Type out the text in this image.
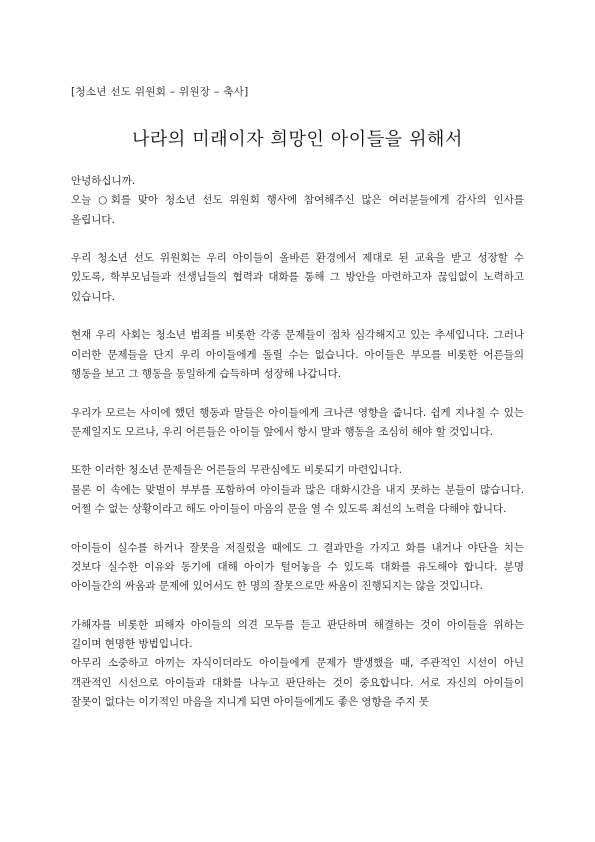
[청소년 선도 위원회 – 위원장 – 축사]
나라의 미래이자 희망인 아이들을 위해서

안녕하십니까.

오늘 ○회를 맞아 청소년 선도 위원회 행사에 참여해주신 많은 여러분들에게 감사의 인사를 올립니다.

우리 청소년 선도 위원회는 우리 아이들이 올바른 환경에서 제대로 된 교육을 받고 성장할 수 있도록, 학부모님들과 선생님들의 협력과 대화를 통해 그 방안을 마련하고자 끊임없이 노력하고 있습니다.

현재 우리 사회는 청소년 범죄를 비롯한 각종 문제들이 점차 심각해지고 있는 추세입니다. 그러나 이러한 문제들을 단지 우리 아이들에게 돌릴 수는 없습니다. 아이들은 부모를 비롯한 어른들의 행동을 보고 그 행동을 동일하게 습득하며 성장해 나갑니다.

우리가 모르는 사이에 했던 행동과 말들은 아이들에게 크나큰 영향을 줍니다. 쉽게 지나칠 수 있는 문제일지도 모르나, 우리 어른들은 아이들 앞에서 항시 말과 행동을 조심히 해야 할 것입니다.

또한 이러한 청소년 문제들은 어른들의 무관심에도 비롯되기 마련입니다.

물론 이 속에는 맞벌이 부부를 포함하여 아이들과 많은 대화시간을 내지 못하는 분들이 많습니다. 어쩔 수 없는 상황이라고 해도 아이들이 마음의 문을 열 수 있도록 최선의 노력을 다해야 합니다.

아이들이 실수를 하거나 잘못을 저질렀을 때에도 그 결과만을 가지고 화를 내거나 야단을 치는 것보다 실수한 이유와 동기에 대해 아이가 털어놓을 수 있도록 대화를 유도해야 합니다. 분명 아이들간의 싸움과 문제에 있어서도 한 명의 잘못으로만 싸움이 진행되지는 않을 것입니다.

가해자를 비롯한 피해자 아이들의 의견 모두를 듣고 판단하며 해결하는 것이 아이들을 위하는 길이며 현명한 방법입니다.

아무리 소중하고 아끼는 자식이더라도 아이들에게 문제가 발생했을 때, 주관적인 시선이 아닌 객관적인 시선으로 아이들과 대화를 나누고 판단하는 것이 중요합니다. 서로 자신의 아이들이 잘못이 없다는 이기적인 마음을 지니게 되면 아이들에게도 좋은 영향을 주지 못
